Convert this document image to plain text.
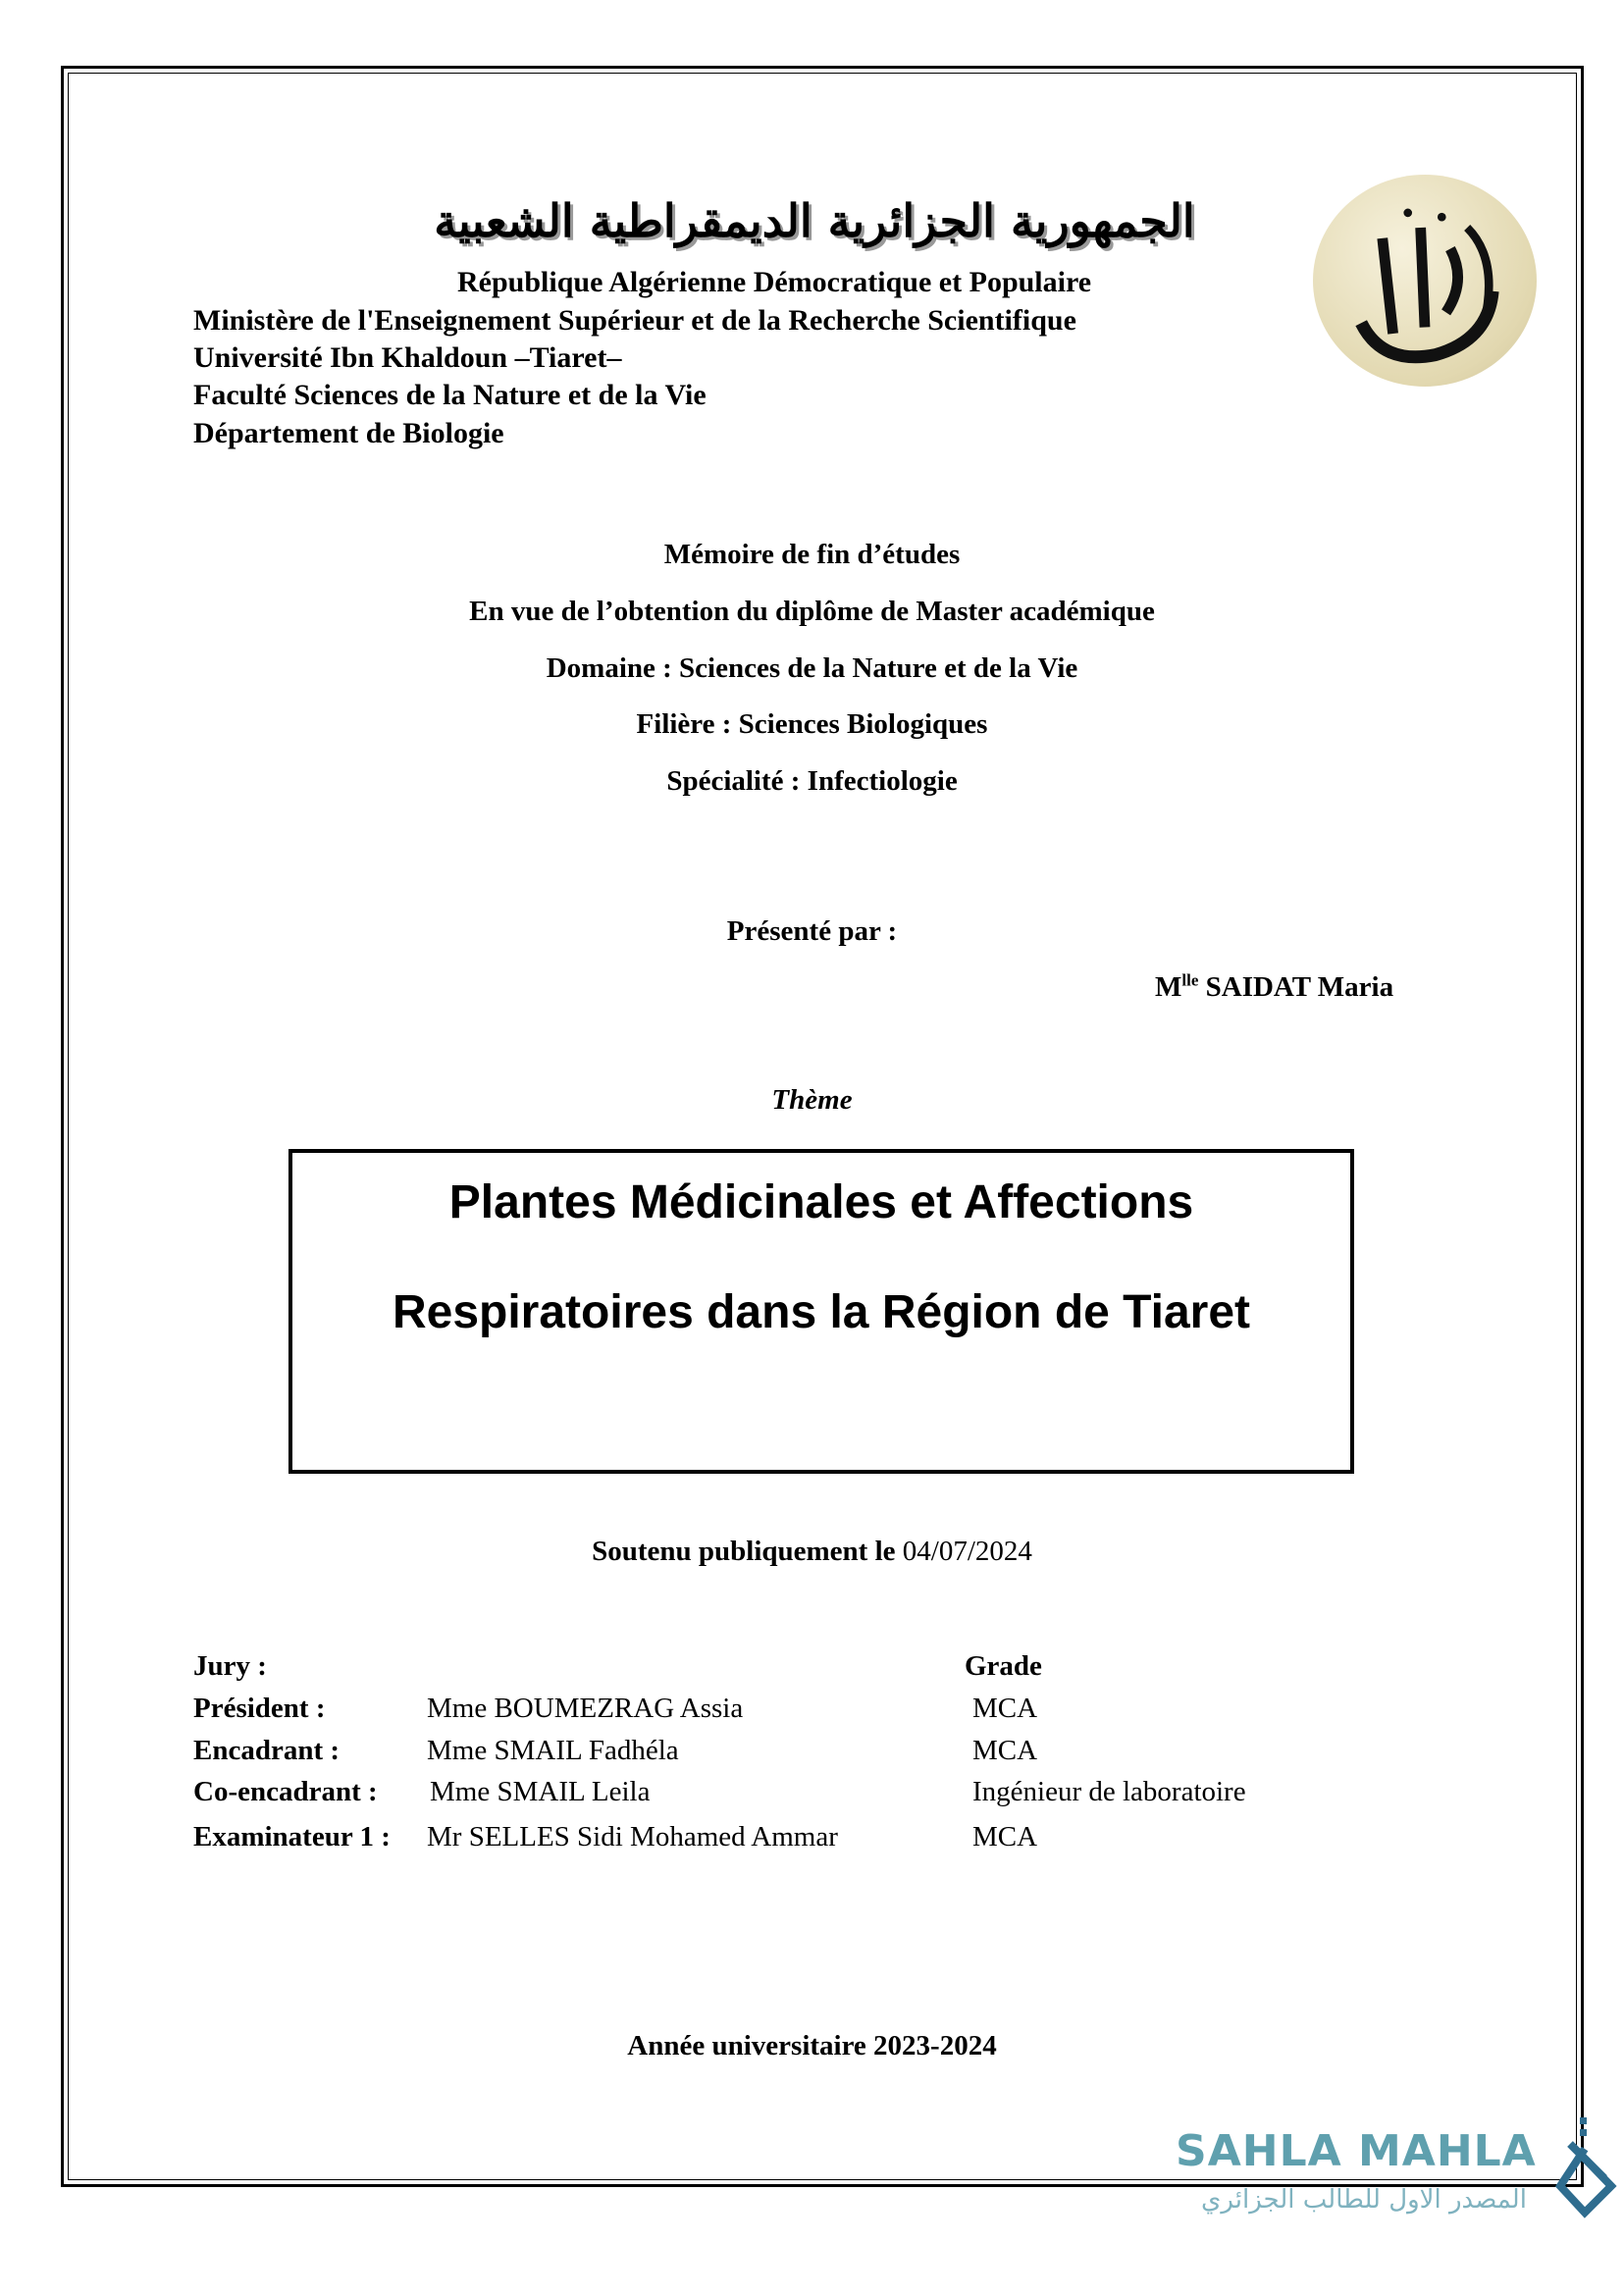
الجمهورية الجزائرية الديمقراطية الشعبية
République Algérienne Démocratique et Populaire
Ministère de l'Enseignement Supérieur et de la Recherche Scientifique
Université Ibn Khaldoun –Tiaret–
Faculté Sciences de la Nature et de la Vie
Département de Biologie
Mémoire de fin d’études
En vue de l’obtention du diplôme de Master académique
Domaine : Sciences de la Nature et de la Vie
Filière : Sciences Biologiques
Spécialité : Infectiologie
Présenté par :
$M^{lle}$ SAIDAT Maria
Thème
Plantes Médicinales et Affections
Respiratoires dans la Région de Tiaret
Soutenu publiquement le 04/07/2024
Jury :	Grade
Président :	Mme BOUMEZRAG Assia	MCA
Encadrant :	Mme SMAIL Fadhéla	MCA
Co-encadrant : Mme SMAIL Leila	Ingénieur de laboratoire
Examinateur 1 : Mr SELLES Sidi Mohamed Ammar	MCA
Année universitaire 2023-2024
SAHLA MAHLA
المصدر الاول للطالب الجزائري
